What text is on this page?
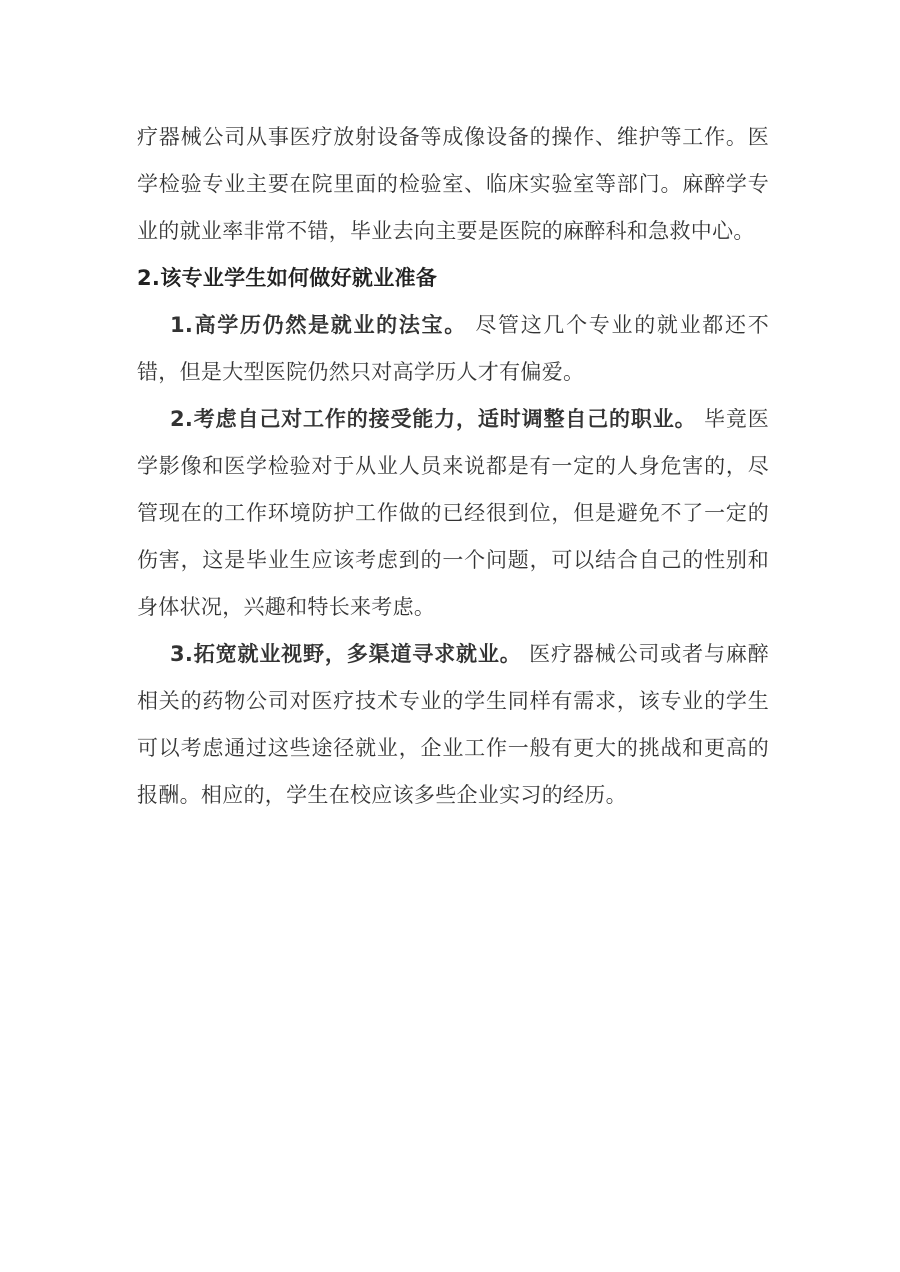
疗器械公司从事医疗放射设备等成像设备的操作、维护等工作。医学检验专业主要在院里面的检验室、临床实验室等部门。麻醉学专业的就业率非常不错，毕业去向主要是医院的麻醉科和急救中心。

2.该专业学生如何做好就业准备

1.高学历仍然是就业的法宝。 尽管这几个专业的就业都还不错，但是大型医院仍然只对高学历人才有偏爱。

2.考虑自己对工作的接受能力，适时调整自己的职业。 毕竟医学影像和医学检验对于从业人员来说都是有一定的人身危害的，尽管现在的工作环境防护工作做的已经很到位，但是避免不了一定的伤害，这是毕业生应该考虑到的一个问题，可以结合自己的性别和身体状况，兴趣和特长来考虑。

3.拓宽就业视野，多渠道寻求就业。 医疗器械公司或者与麻醉相关的药物公司对医疗技术专业的学生同样有需求，该专业的学生可以考虑通过这些途径就业，企业工作一般有更大的挑战和更高的报酬。相应的，学生在校应该多些企业实习的经历。
